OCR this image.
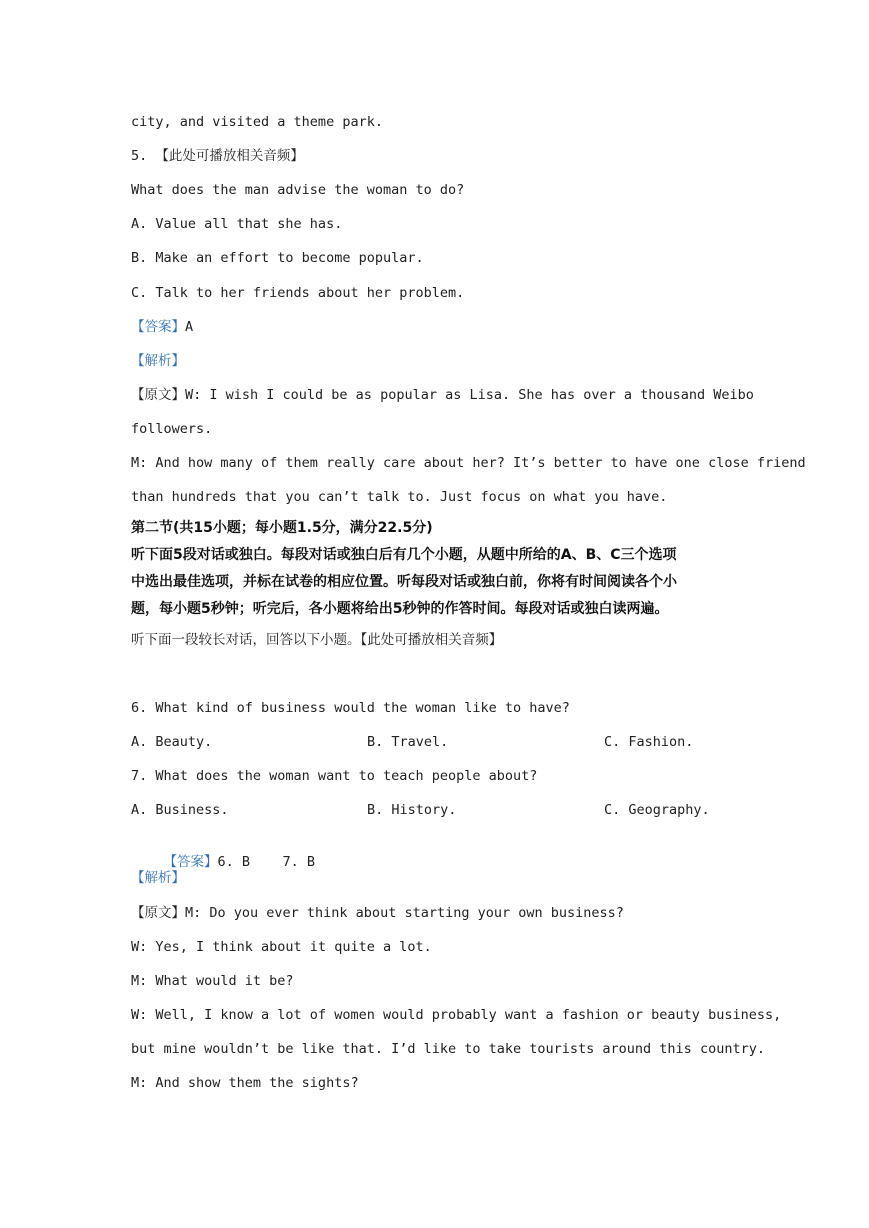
city, and visited a theme park.
5. 【此处可播放相关音频】
What does the man advise the woman to do?
A. Value all that she has.
B. Make an effort to become popular.
C. Talk to her friends about her problem.
【答案】A
【解析】
【原文】W: I wish I could be as popular as Lisa. She has over a thousand Weibo
followers.
M: And how many of them really care about her? It’s better to have one close friend
than hundreds that you can’t talk to. Just focus on what you have.
第二节(共15小题；每小题1.5分，满分22.5分)
听下面5段对话或独白。每段对话或独白后有几个小题，从题中所给的A、B、C三个选项
中选出最佳选项，并标在试卷的相应位置。听每段对话或独白前，你将有时间阅读各个小
题，每小题5秒钟；听完后，各小题将给出5秒钟的作答时间。每段对话或独白读两遍。
听下面一段较长对话，回答以下小题。【此处可播放相关音频】
6. What kind of business would the woman like to have?
A. Beauty.	B. Travel.	C. Fashion.
7. What does the woman want to teach people about?
A. Business.	B. History.	C. Geography.

【答案】6. B    7. B

【解析】
【原文】M: Do you ever think about starting your own business?
W: Yes, I think about it quite a lot.
M: What would it be?
W: Well, I know a lot of women would probably want a fashion or beauty business,
but mine wouldn’t be like that. I’d like to take tourists around this country.
M: And show them the sights?
